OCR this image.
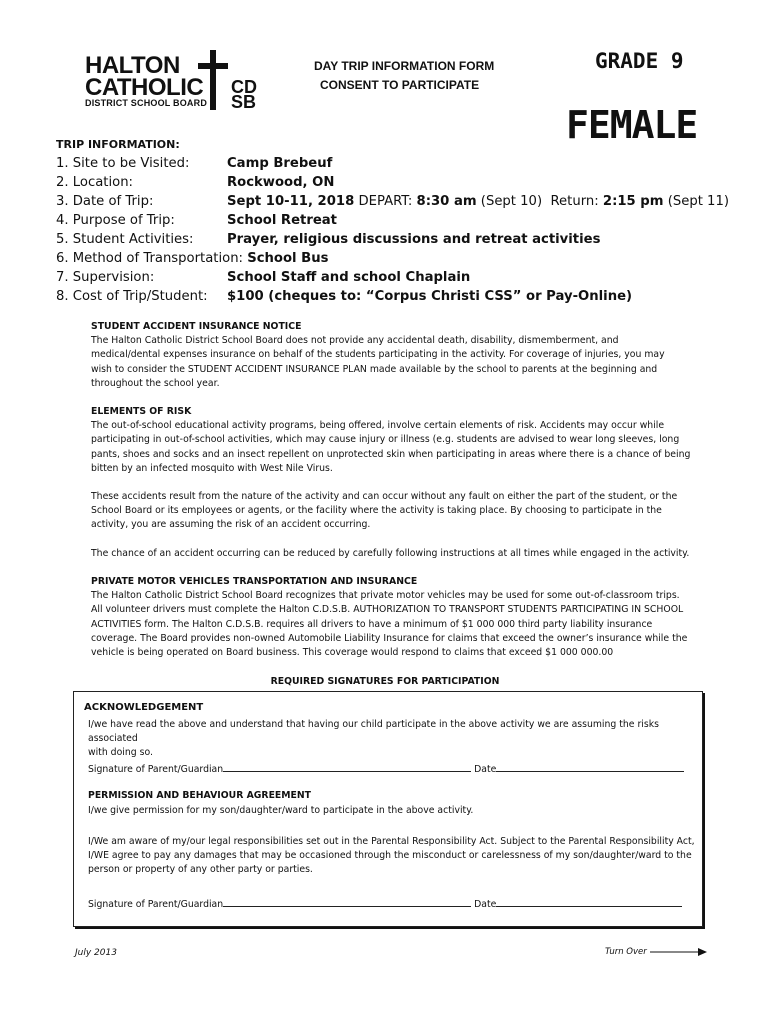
HALTON
CATHOLIC
DISTRICT SCHOOL BOARD
CD
SB
DAY TRIP INFORMATION FORM
CONSENT TO PARTICIPATE
GRADE 9
FEMALE
TRIP INFORMATION:
1. Site to be Visited:	Camp Brebeuf
2. Location:	Rockwood, ON
3. Date of Trip:	Sept 10-11, 2018 DEPART: 8:30 am (Sept 10) Return: 2:15 pm (Sept 11)
4. Purpose of Trip:	School Retreat
5. Student Activities:	Prayer, religious discussions and retreat activities
6. Method of Transportation: School Bus
7. Supervision:	School Staff and school Chaplain
8. Cost of Trip/Student: $100 (cheques to: “Corpus Christi CSS” or Pay-Online)
STUDENT ACCIDENT INSURANCE NOTICE
The Halton Catholic District School Board does not provide any accidental death, disability, dismemberment, and
medical/dental expenses insurance on behalf of the students participating in the activity. For coverage of injuries, you may
wish to consider the STUDENT ACCIDENT INSURANCE PLAN made available by the school to parents at the beginning and
throughout the school year.
ELEMENTS OF RISK
The out-of-school educational activity programs, being offered, involve certain elements of risk. Accidents may occur while
participating in out-of-school activities, which may cause injury or illness (e.g. students are advised to wear long sleeves, long
pants, shoes and socks and an insect repellent on unprotected skin when participating in areas where there is a chance of being
bitten by an infected mosquito with West Nile Virus.
These accidents result from the nature of the activity and can occur without any fault on either the part of the student, or the
School Board or its employees or agents, or the facility where the activity is taking place. By choosing to participate in the
activity, you are assuming the risk of an accident occurring.
The chance of an accident occurring can be reduced by carefully following instructions at all times while engaged in the activity.
PRIVATE MOTOR VEHICLES TRANSPORTATION AND INSURANCE
The Halton Catholic District School Board recognizes that private motor vehicles may be used for some out-of-classroom trips.
All volunteer drivers must complete the Halton C.D.S.B. AUTHORIZATION TO TRANSPORT STUDENTS PARTICIPATING IN SCHOOL
ACTIVITIES form. The Halton C.D.S.B. requires all drivers to have a minimum of $1 000 000 third party liability insurance
coverage. The Board provides non-owned Automobile Liability Insurance for claims that exceed the owner’s insurance while the
vehicle is being operated on Board business. This coverage would respond to claims that exceed $1 000 000.00
REQUIRED SIGNATURES FOR PARTICIPATION
ACKNOWLEDGEMENT
I/we have read the above and understand that having our child participate in the above activity we are assuming the risks associated
with doing so.
Signature of Parent/Guardian	Date
PERMISSION AND BEHAVIOUR AGREEMENT
I/we give permission for my son/daughter/ward to participate in the above activity.
I/We am aware of my/our legal responsibilities set out in the Parental Responsibility Act. Subject to the Parental Responsibility Act,
I/WE agree to pay any damages that may be occasioned through the misconduct or carelessness of my son/daughter/ward to the
person or property of any other party or parties.
Signature of Parent/Guardian	Date
July 2013	Turn Over
